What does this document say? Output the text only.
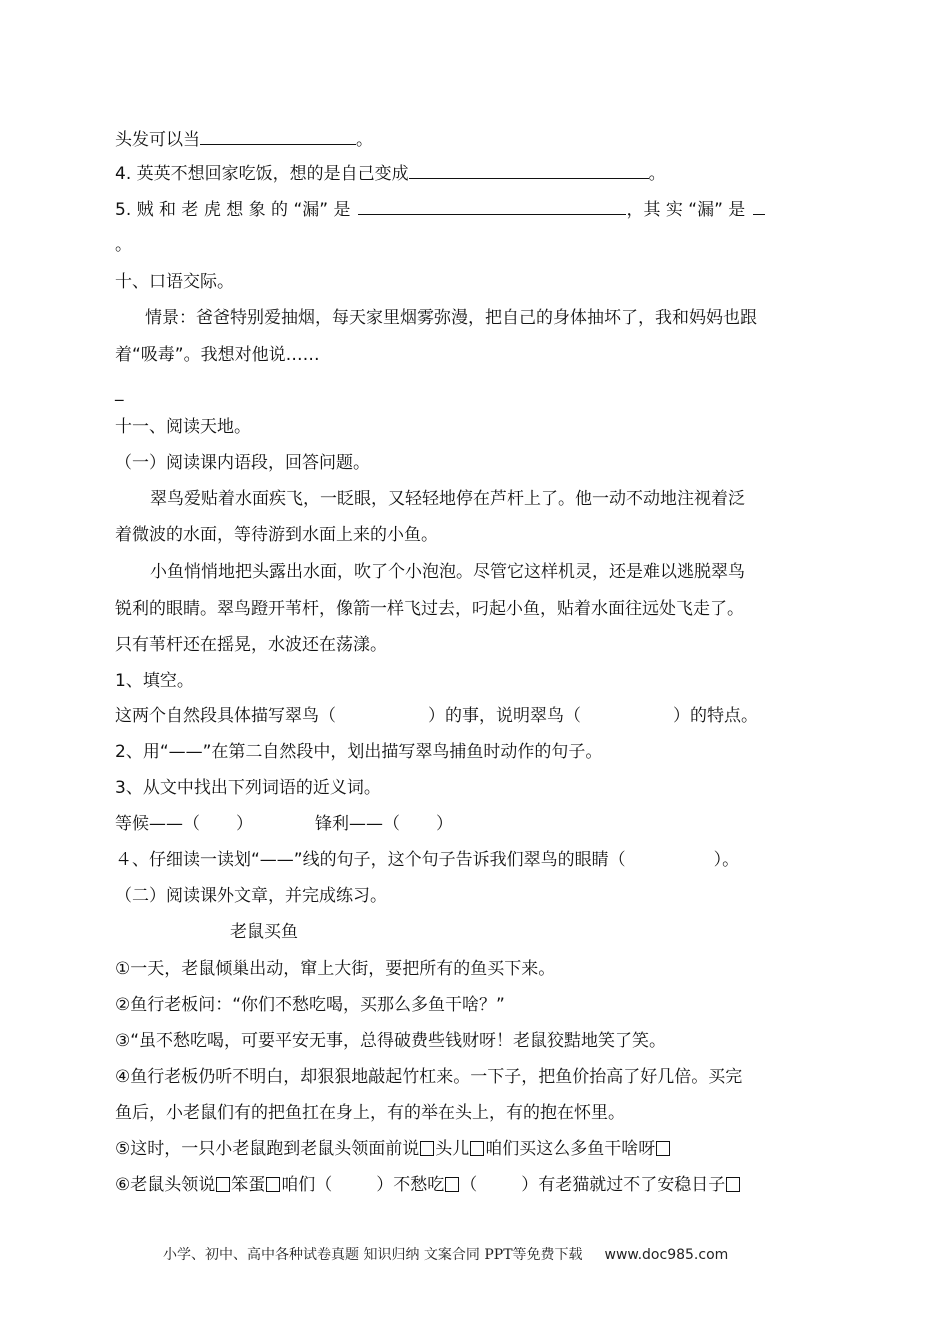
头发可以当	。
4. 英英不想回家吃饭，想的是自己变成	。
5. 贼 和 老 虎 想 象 的 “漏” 是	，其 实 “漏” 是
。
十、口语交际。
情景：爸爸特别爱抽烟，每天家里烟雾弥漫，把自己的身体抽坏了，我和妈妈也跟
着“吸毒”。我想对他说……
_
十一、阅读天地。
（一）阅读课内语段，回答问题。
翠鸟爱贴着水面疾飞，一眨眼，又轻轻地停在芦杆上了。他一动不动地注视着泛
着微波的水面，等待游到水面上来的小鱼。
小鱼悄悄地把头露出水面，吹了个小泡泡。尽管它这样机灵，还是难以逃脱翠鸟
锐利的眼睛。翠鸟蹬开苇杆，像箭一样飞过去，叼起小鱼，贴着水面往远处飞走了。
只有苇杆还在摇晃，水波还在荡漾。
1、填空。
这两个自然段具体描写翠鸟（	）的事，说明翠鸟（	）的特点。
2、用“——”在第二自然段中，划出描写翠鸟捕鱼时动作的句子。
3、从文中找出下列词语的近义词。
等候——（ ）	锋利——（ ）
４、仔细读一读划“——”线的句子，这个句子告诉我们翠鸟的眼睛（	）。
（二）阅读课外文章，并完成练习。
老鼠买鱼
①一天，老鼠倾巢出动，窜上大街，要把所有的鱼买下来。
②鱼行老板问：“你们不愁吃喝，买那么多鱼干啥？”
③“虽不愁吃喝，可要平安无事，总得破费些钱财呀！老鼠狡黠地笑了笑。
④鱼行老板仍听不明白，却狠狠地敲起竹杠来。一下子，把鱼价抬高了好几倍。买完
鱼后，小老鼠们有的把鱼扛在身上，有的举在头上，有的抱在怀里。
⑤这时，一只小老鼠跑到老鼠头领面前说 头儿 咱们买这么多鱼干啥呀
⑥老鼠头领说 笨蛋 咱们（	）不愁吃 （	）有老猫就过不了安稳日子
小学、初中、高中各种试卷真题 知识归纳 文案合同 PPT等免费下载 www.doc985.com
